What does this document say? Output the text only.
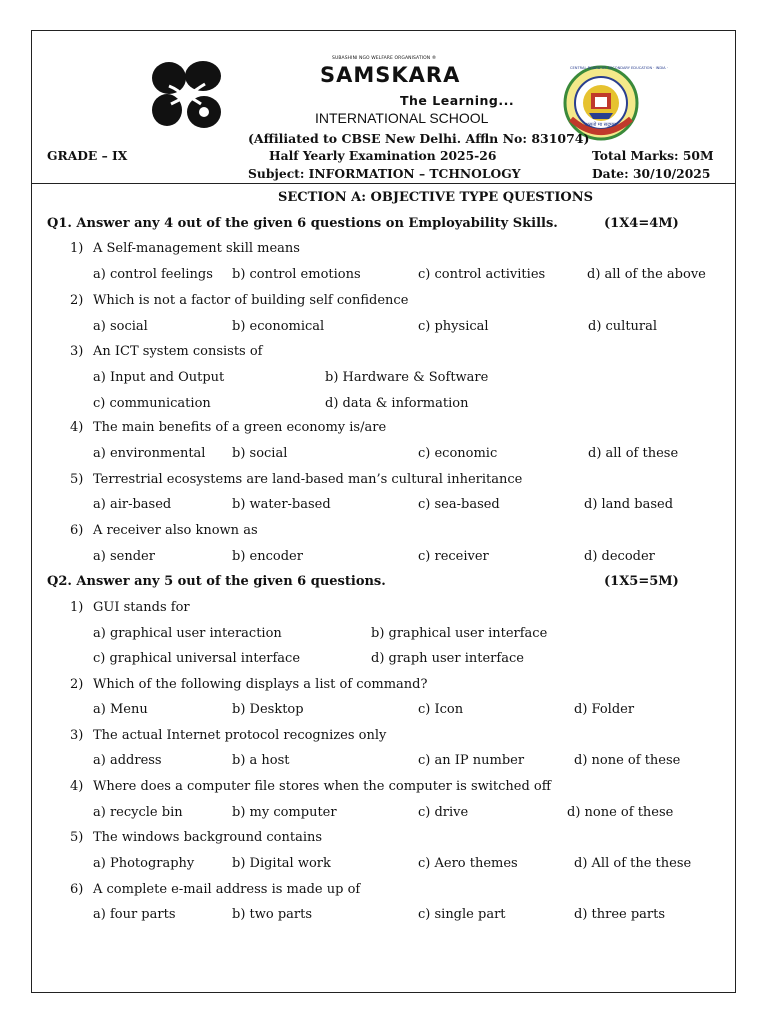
SUBASHINI NGO WELFARE ORGANISATION ®
SAMSKARA
The Learning...
INTERNATIONAL SCHOOL
(Affiliated to CBSE New Delhi. Affln No: 831074)
GRADE – IX	Half Yearly Examination 2025-26	Total Marks: 50M
Subject: INFORMATION – TCHNOLOGY	Date: 30/10/2025
SECTION A: OBJECTIVE TYPE QUESTIONS
Q1. Answer any 4 out of the given 6 questions on Employability Skills.	(1X4=4M)
1) A Self-management skill means
a) control feelings b) control emotions	c) control activities	d) all of the above
2) Which is not a factor of building self confidence
a) social	b) economical	c) physical	d) cultural
3) An ICT system consists of
a) Input and Output	b) Hardware & Software
c) communication	d) data & information
4) The main benefits of a green economy is/are
a) environmental b) social	c) economic	d) all of these
5) Terrestrial ecosystems are land-based man’s cultural inheritance
a) air-based	b) water-based	c) sea-based	d) land based
6) A receiver also known as
a) sender	b) encoder	c) receiver	d) decoder
Q2. Answer any 5 out of the given 6 questions.	(1X5=5M)
1) GUI stands for
a) graphical user interaction	b) graphical user interface
c) graphical universal interface	d) graph user interface
2) Which of the following displays a list of command?
a) Menu	b) Desktop	c) Icon	d) Folder
3) The actual Internet protocol recognizes only
a) address	b) a host	c) an IP number	d) none of these
4) Where does a computer file stores when the computer is switched off
a) recycle bin	b) my computer	c) drive	d) none of these
5) The windows background contains
a) Photography	b) Digital work	c) Aero themes	d) All of the these
6) A complete e-mail address is made up of
a) four parts	b) two parts	c) single part	d) three parts
असतो मा सद्गमय
CENTRAL BOARD OF SECONDARY EDUCATION · INDIA ·
